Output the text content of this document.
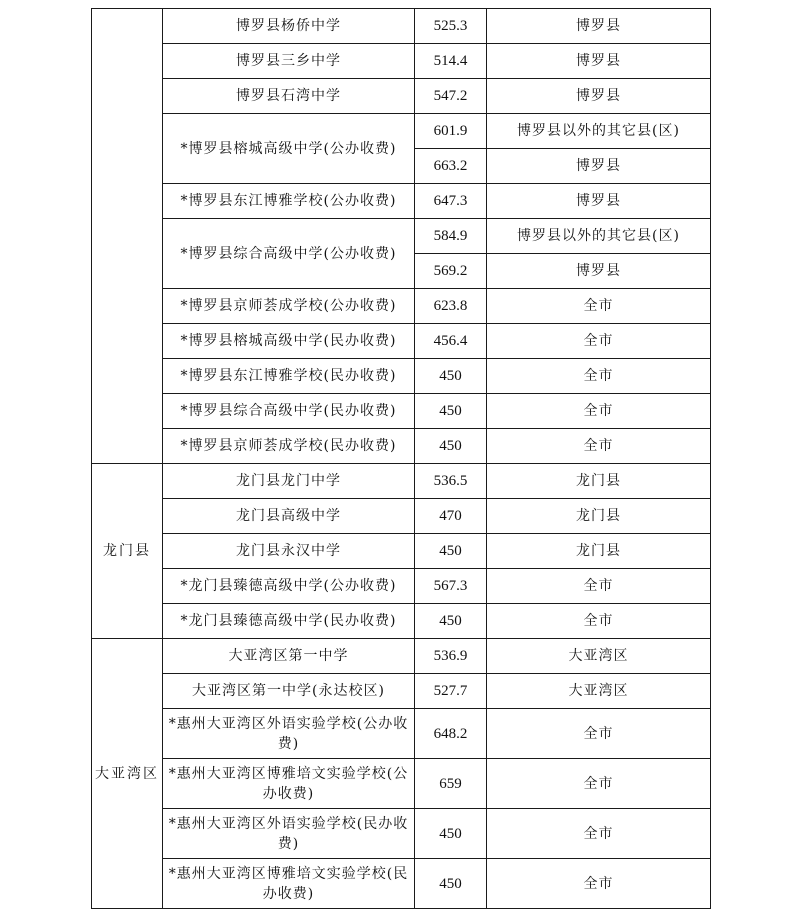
	博罗县杨侨中学	525.3	博罗县
	博罗县三乡中学	514.4	博罗县
	博罗县石湾中学	547.2	博罗县
	*博罗县榕城高级中学(公办收费)	601.9	博罗县以外的其它县(区)
		663.2	博罗县
	*博罗县东江博雅学校(公办收费)	647.3	博罗县
	*博罗县综合高级中学(公办收费)	584.9	博罗县以外的其它县(区)
		569.2	博罗县
	*博罗县京师荟成学校(公办收费)	623.8	全市
	*博罗县榕城高级中学(民办收费)	456.4	全市
	*博罗县东江博雅学校(民办收费)	450	全市
	*博罗县综合高级中学(民办收费)	450	全市
	*博罗县京师荟成学校(民办收费)	450	全市
龙门县	龙门县龙门中学	536.5	龙门县
	龙门县高级中学	470	龙门县
	龙门县永汉中学	450	龙门县
	*龙门县臻德高级中学(公办收费)	567.3	全市
	*龙门县臻德高级中学(民办收费)	450	全市
大亚湾区	大亚湾区第一中学	536.9	大亚湾区
	大亚湾区第一中学(永达校区)	527.7	大亚湾区
	*惠州大亚湾区外语实验学校(公办收费)	648.2	全市
	*惠州大亚湾区博雅培文实验学校(公办收费)	659	全市
	*惠州大亚湾区外语实验学校(民办收费)	450	全市
	*惠州大亚湾区博雅培文实验学校(民办收费)	450	全市
